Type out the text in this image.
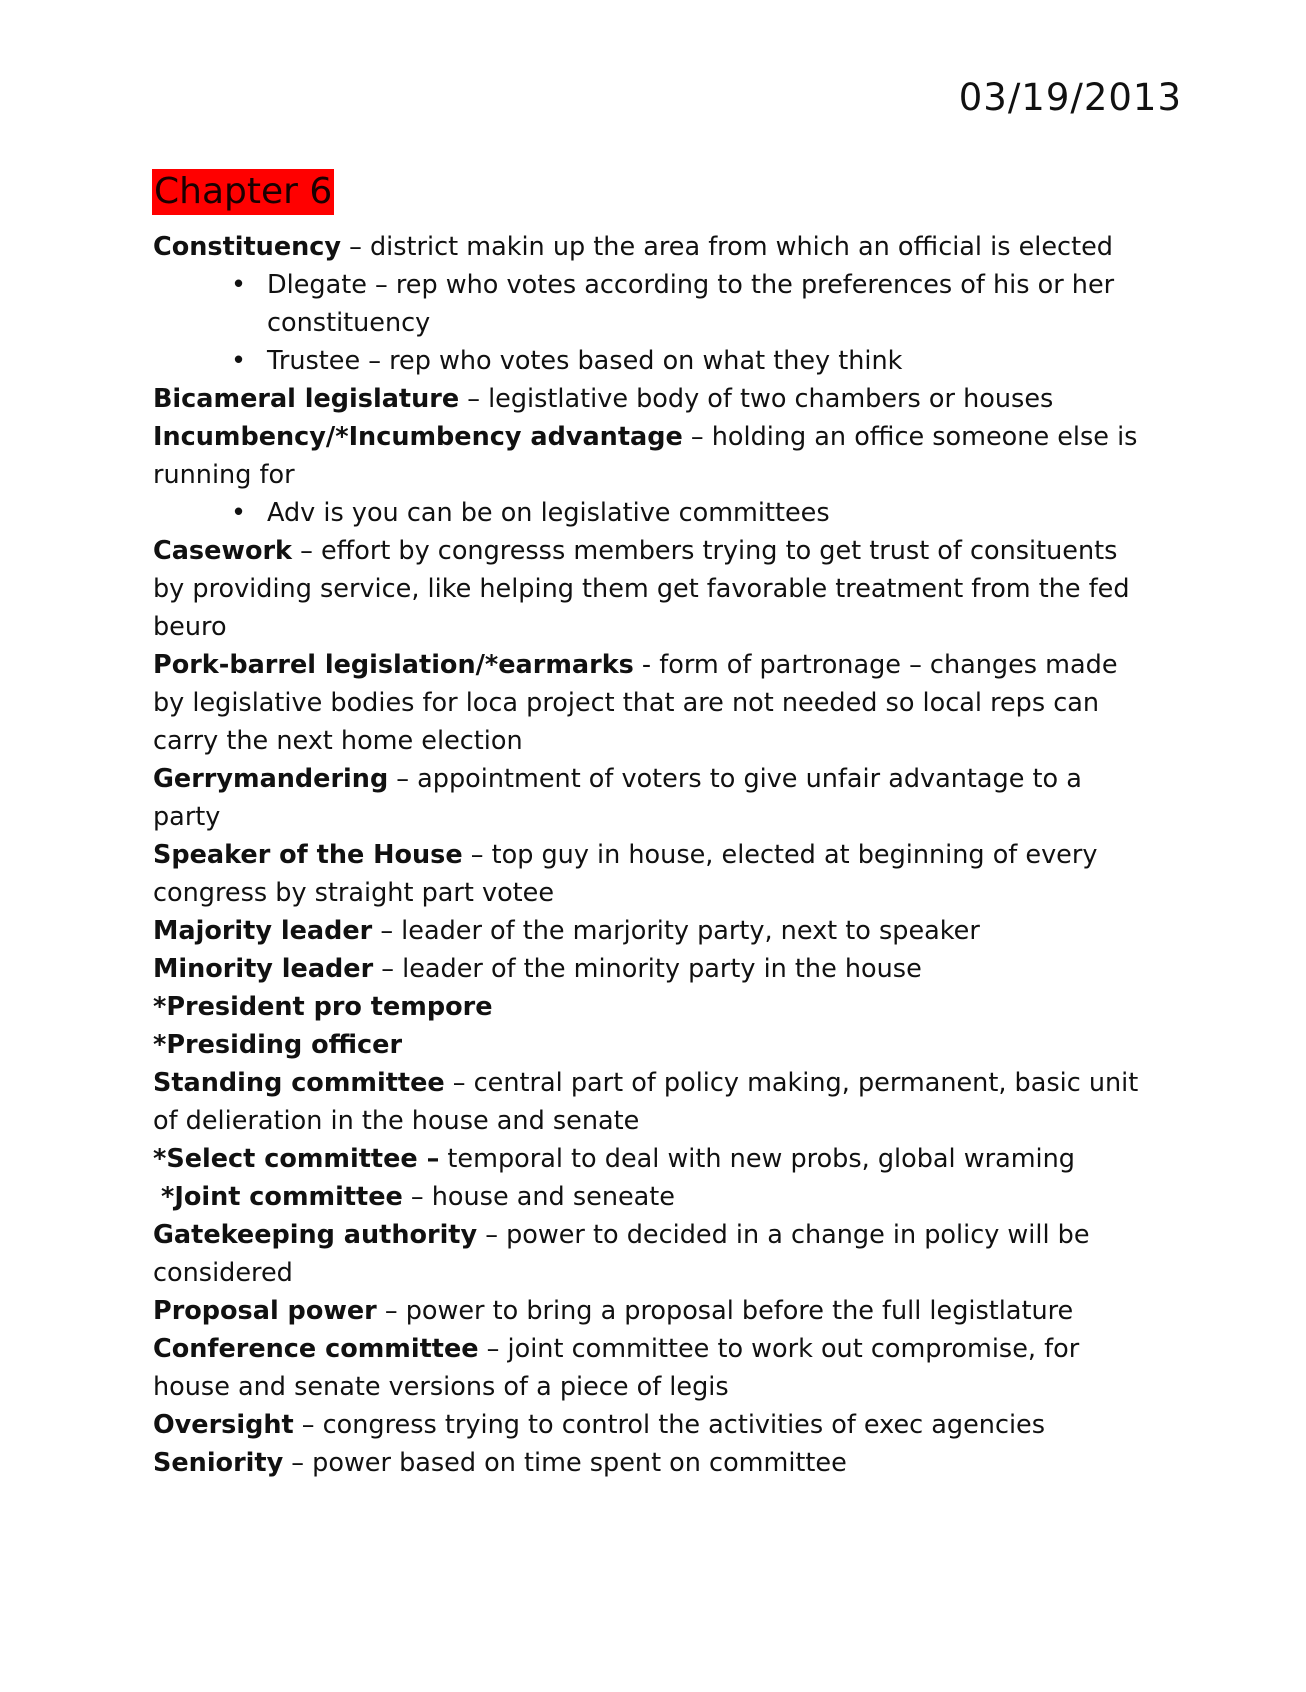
03/19/2013
Chapter 6

Constituency – district makin up the area from which an official is elected

• Dlegate – rep who votes according to the preferences of his or her constituency

• Trustee – rep who votes based on what they think

Bicameral legislature – legistlative body of two chambers or houses

Incumbency/*Incumbency advantage – holding an office someone else is running for

• Adv is you can be on legislative committees

Casework – effort by congresss members trying to get trust of consituents by providing service, like helping them get favorable treatment from the fed beuro

Pork-barrel legislation/*earmarks - form of partronage – changes made by legislative bodies for loca project that are not needed so local reps can carry the next home election

Gerrymandering – appointment of voters to give unfair advantage to a party

Speaker of the House – top guy in house, elected at beginning of every congress by straight part votee

Majority leader – leader of the marjority party, next to speaker

Minority leader – leader of the minority party in the house

*President pro tempore

*Presiding officer

Standing committee – central part of policy making, permanent, basic unit of delieration in the house and senate

*Select committee – temporal to deal with new probs, global wraming

*Joint committee – house and seneate

Gatekeeping authority – power to decided in a change in policy will be considered

Proposal power – power to bring a proposal before the full legistlature

Conference committee – joint committee to work out compromise, for house and senate versions of a piece of legis

Oversight – congress trying to control the activities of exec agencies

Seniority – power based on time spent on committee
